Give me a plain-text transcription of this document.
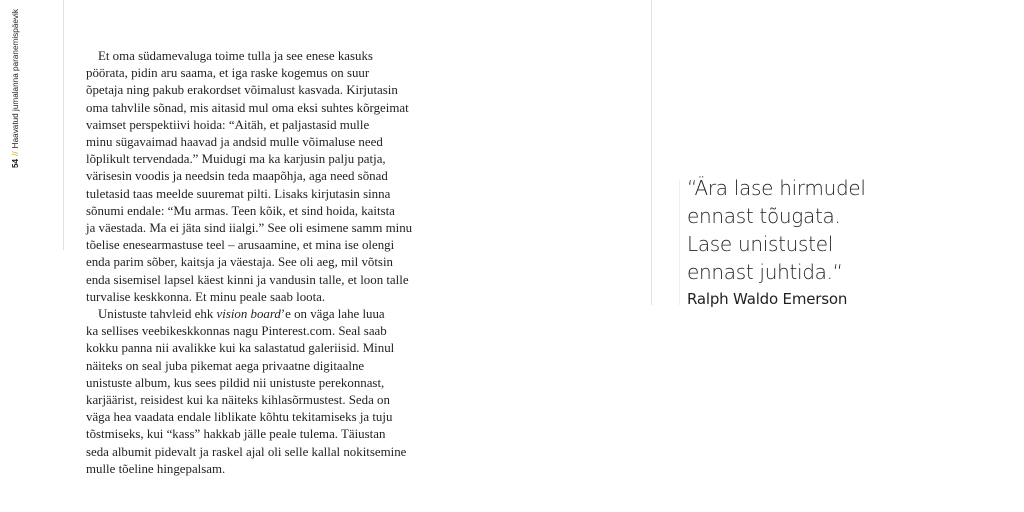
54//Haavatud jumalanna paranemispäevik	Et oma südamevaluga toime tulla ja see enese kasuks

pöörata, pidin aru saama, et iga raske kogemus on suur
õpetaja ning pakub erakordset võimalust kasvada. Kirjutasin
oma tahvlile sõnad, mis aitasid mul oma eksi suhtes kõrgeimat
vaimset perspektiivi hoida: “Aitäh, et paljastasid mulle
minu sügavaimad haavad ja andsid mulle võimaluse need
lõplikult tervendada.” Muidugi ma ka karjusin palju patja,
värisesin voodis ja needsin teda maapõhja, aga need sõnad
tuletasid taas meelde suuremat pilti. Lisaks kirjutasin sinna
sõnumi endale: “Mu armas. Teen kõik, et sind hoida, kaitsta
ja väestada. Ma ei jäta sind iialgi.” See oli esimene samm minu
tõelise enesearmastuse teel – arusaamine, et mina ise olengi
enda parim sõber, kaitsja ja väestaja. See oli aeg, mil võtsin
enda sisemisel lapsel käest kinni ja vandusin talle, et loon talle
turvalise keskkonna. Et minu peale saab loota.

Unistuste tahvleid ehk vision board’e on väga lahe luua

ka sellises veebikeskkonnas nagu Pinterest.com. Seal saab
kokku panna nii avalikke kui ka salastatud galeriisid. Minul
näiteks on seal juba pikemat aega privaatne digitaalne
unistuste album, kus sees pildid nii unistuste perekonnast,
karjäärist, reisidest kui ka näiteks kihlasõrmustest. Seda on
väga hea vaadata endale liblikate kõhtu tekitamiseks ja tuju
tõstmiseks, kui “kass” hakkab jälle peale tulema. Täiustan
seda albumit pidevalt ja raskel ajal oli selle kallal nokitsemine
mulle tõeline hingepalsam.
“Ära lase hirmudel
ennast tõugata.
Lase unistustel
ennast juhtida.“
Ralph Waldo Emerson
